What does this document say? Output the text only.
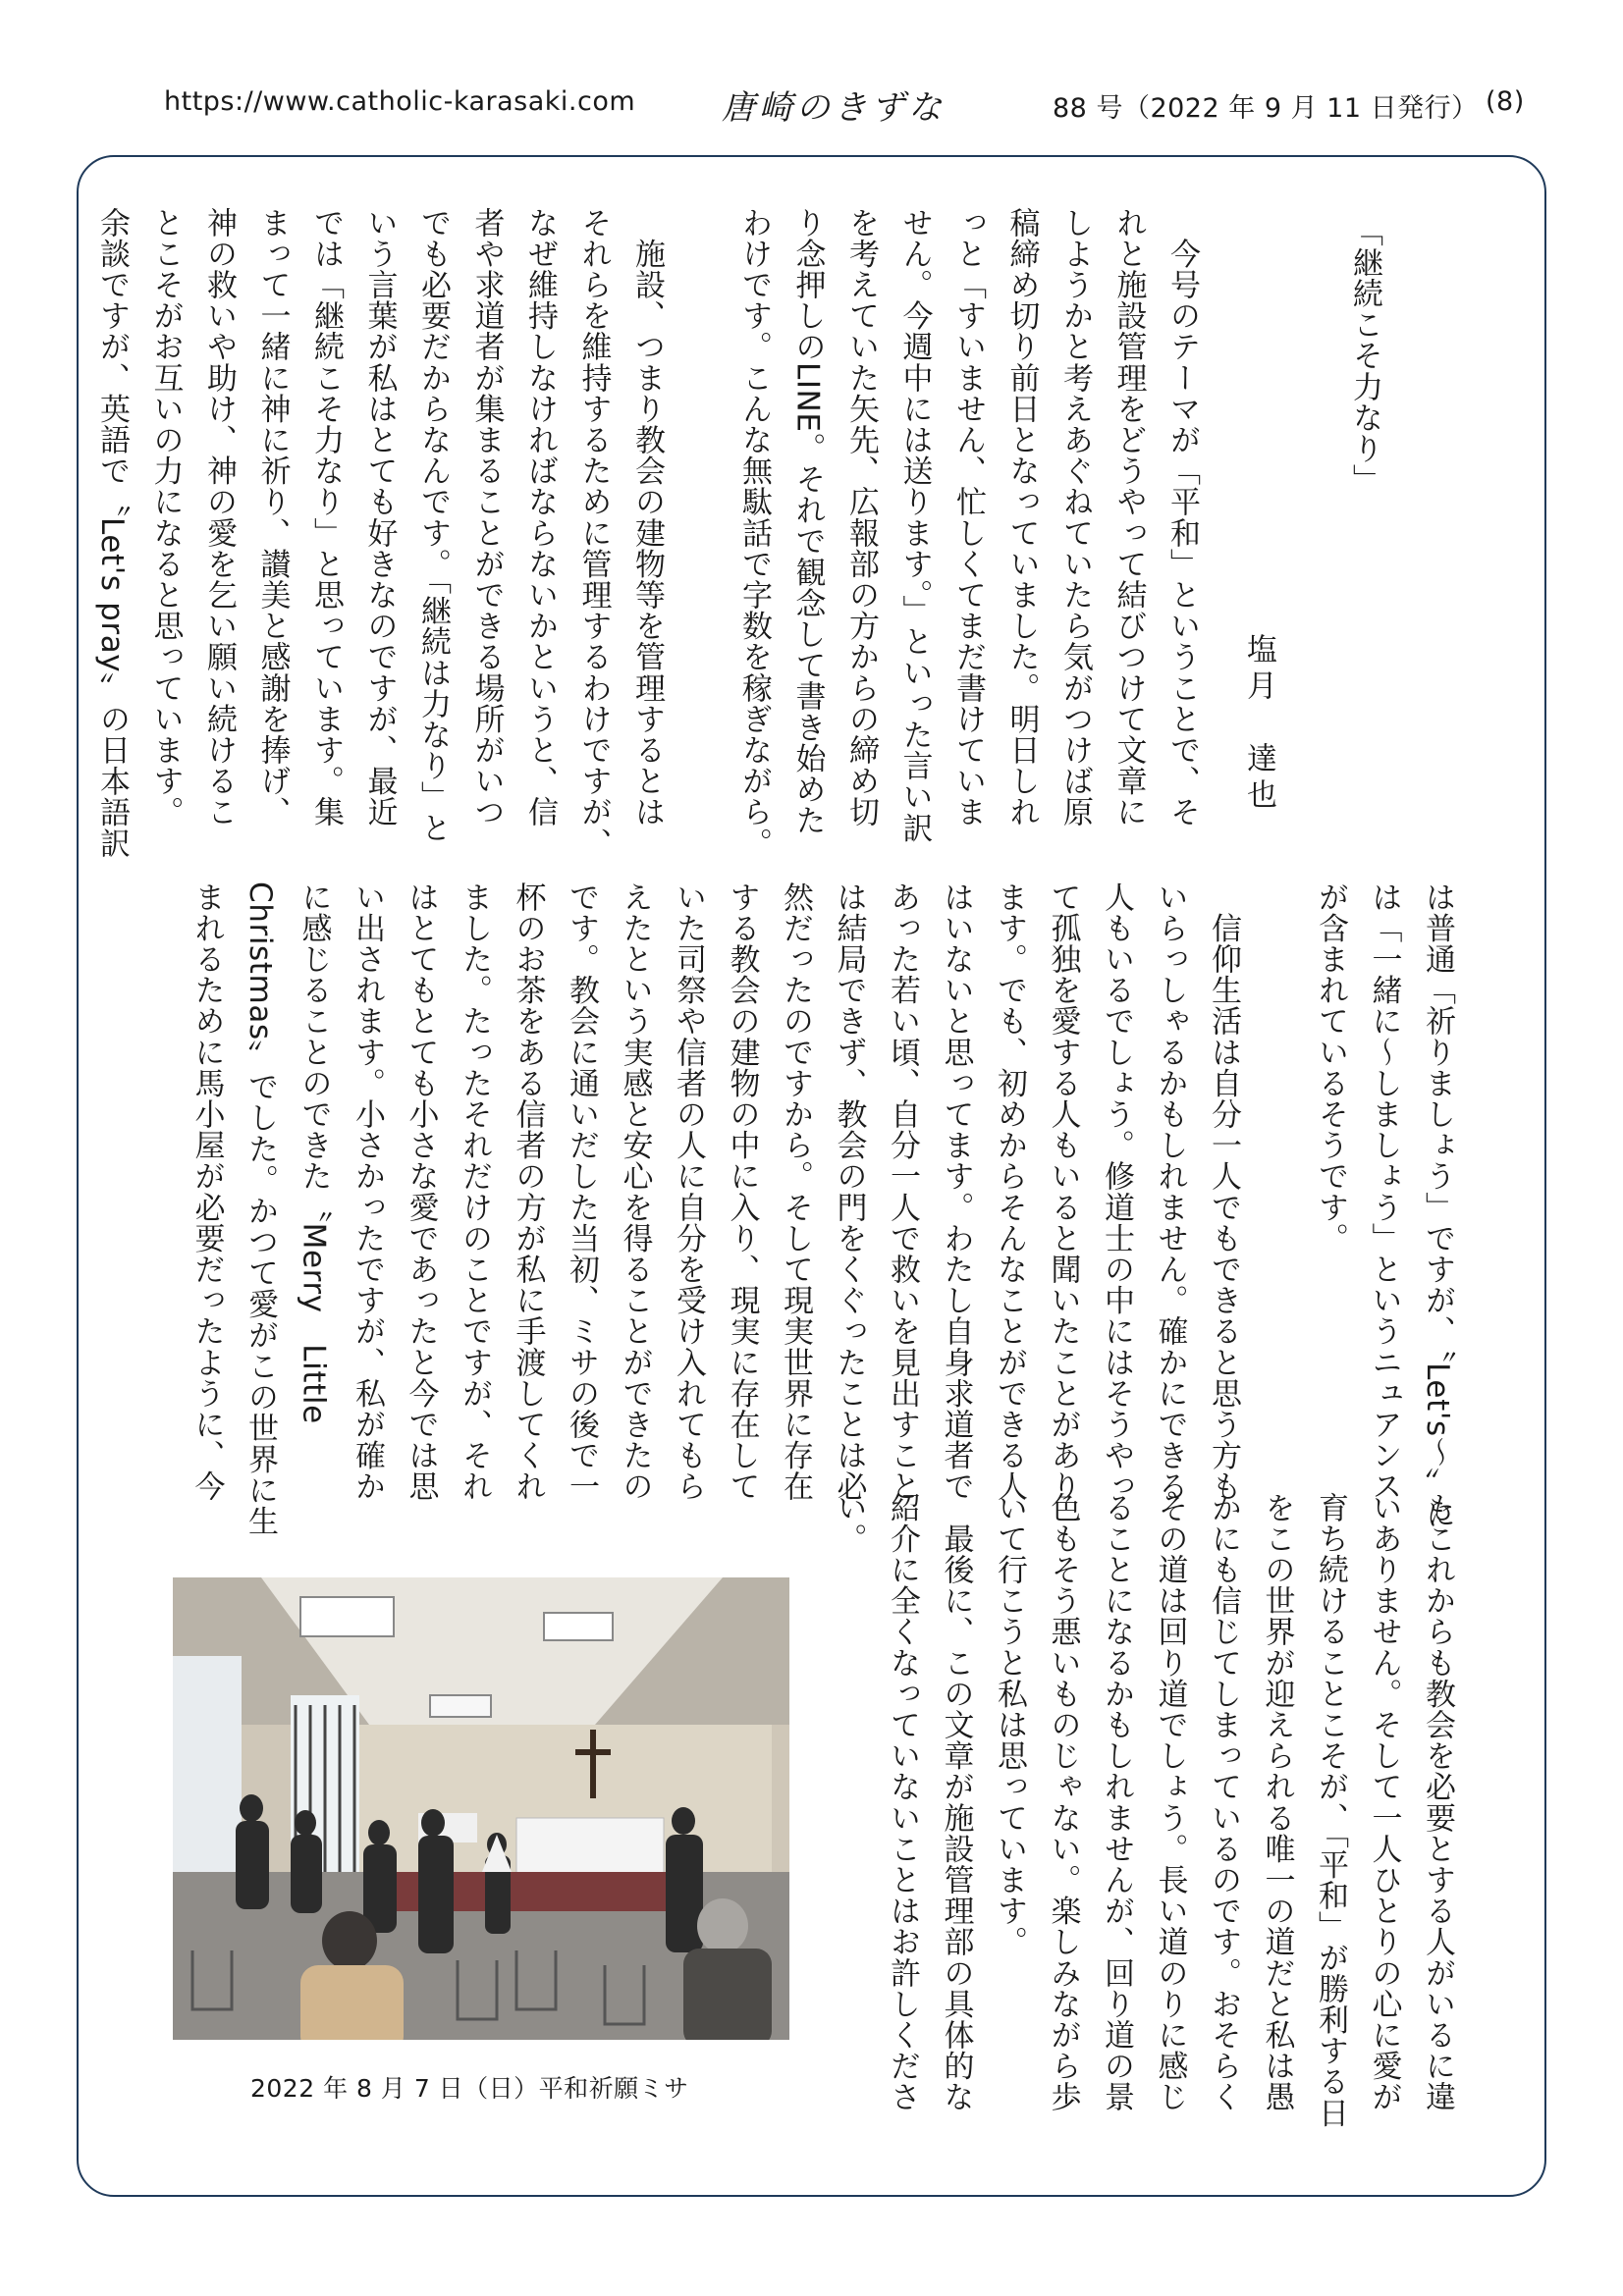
https://www.catholic-karasaki.com	唐崎のきずな	88 号（2022 年 9 月 11 日発行） (8)
「継続こそ力なり」
塩月　達也
　今号のテーマが「平和」ということで、そ
れと施設管理をどうやって結びつけて文章に
しようかと考えあぐねていたら気がつけば原
稿締め切り前日となっていました。明日しれ
っと「すいません、忙しくてまだ書けていま
せん。今週中には送ります。」といった言い訳
を考えていた矢先、広報部の方からの締め切
り念押しのLINE。それで観念して書き始めた
わけです。こんな無駄話で字数を稼ぎながら。

　施設、つまり教会の建物等を管理するとは
それらを維持するために管理するわけですが、
なぜ維持しなければならないかというと、信
者や求道者が集まることができる場所がいつ
でも必要だからなんです。「継続は力なり」と
いう言葉が私はとても好きなのですが、最近
では「継続こそ力なり」と思っています。集
まって一緒に神に祈り、讃美と感謝を捧げ、
神の救いや助け、神の愛を乞い願い続けるこ
とこそがお互いの力になると思っています。
余談ですが、英語で〝Let's pray〟の日本語訳
は普通「祈りましょう」ですが、〝Let's～〟に
は「一緒に～しましょう」というニュアンス
が含まれているそうです。

　信仰生活は自分一人でもできると思う方も
いらっしゃるかもしれません。確かにできる
人もいるでしょう。修道士の中にはそうやっ
て孤独を愛する人もいると聞いたことがあり
ます。でも、初めからそんなことができる人
はいないと思ってます。わたし自身求道者で
あった若い頃、自分一人で救いを見出すこと
は結局できず、教会の門をくぐったことは必
然だったのですから。そして現実世界に存在
する教会の建物の中に入り、現実に存在して
いた司祭や信者の人に自分を受け入れてもら
えたという実感と安心を得ることができたの
です。教会に通いだした当初、ミサの後で一
杯のお茶をある信者の方が私に手渡してくれ
ました。たったそれだけのことですが、それ
はとてもとても小さな愛であったと今では思
い出されます。小さかったですが、私が確か
に感じることのできた〝Merry　Little
Christmas〟でした。かつて愛がこの世界に生
まれるために馬小屋が必要だったように、今
もこれからも教会を必要とする人がいるに違
いありません。そして一人ひとりの心に愛が
育ち続けることこそが、「平和」が勝利する日
をこの世界が迎えられる唯一の道だと私は愚
かにも信じてしまっているのです。おそらく
その道は回り道でしょう。長い道のりに感じ
ることになるかもしれませんが、回り道の景
色もそう悪いものじゃない。楽しみながら歩
いて行こうと私は思っています。
　最後に、この文章が施設管理部の具体的な
紹介に全くなっていないことはお許しくださ
い。
2022 年 8 月 7 日（日）平和祈願ミサ
